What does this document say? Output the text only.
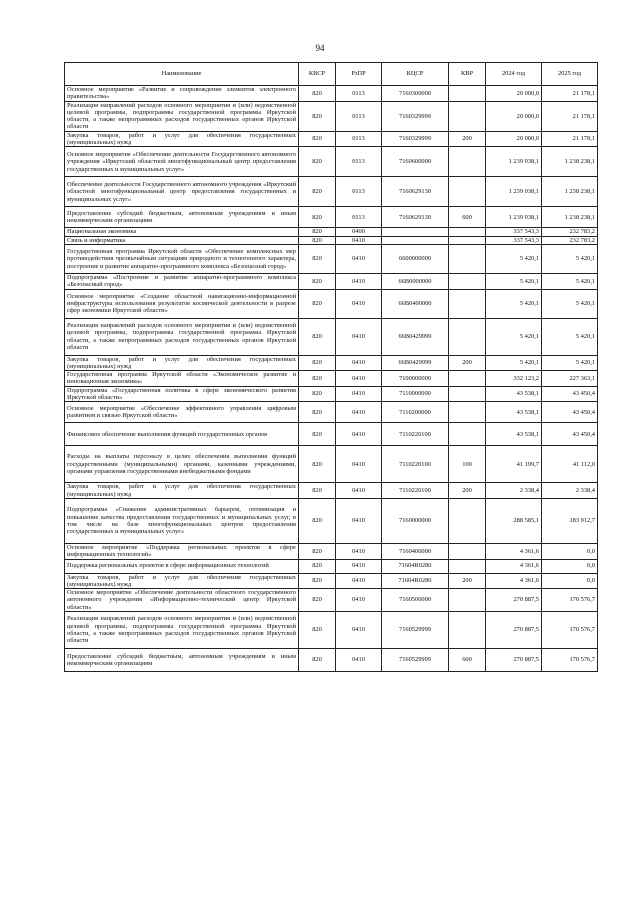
94
Наименование	КВСР	РзПР	КЦСР	КВР	2024 год	2025 год
Основное мероприятие «Развитие и сопровождение элементов электронного правительства»	820	0113	7160300000		20 000,0	21 178,1
Реализация направлений расходов основного мероприятия и (или) ведомственной целевой программы, подпрограммы государственной программы Иркутской области, а также непрограммных расходов государственных органов Иркутской области	820	0113	7160329999		20 000,0	21 178,1
Закупка товаров, работ и услуг для обеспечения государственных (муниципальных) нужд	820	0113	7160329999	200	20 000,0	21 178,1
Основное мероприятие «Обеспечение деятельности Государственного автономного учреждения «Иркутский областной многофункциональный центр предоставления государственных и муниципальных услуг»	820	0113	7160600000		1 239 038,1	1 238 238,1
Обеспечение деятельности Государственного автономного учреждения «Иркутский областной многофункциональный центр предоставления государственных и муниципальных услуг»	820	0113	7160629130		1 239 038,1	1 238 238,1
Предоставление субсидий бюджетным, автономным учреждениям и иным некоммерческим организациям	820	0113	7160629130	600	1 239 038,1	1 238 238,1
Национальная экономика	820	0400			337 543,3	232 783,2
Связь и информатика	820	0410			337 543,3	232 783,2
Государственная программа Иркутской области «Обеспечение комплексных мер противодействия чрезвычайным ситуациям природного и техногенного характера, построение и развитие аппаратно-программного комплекса «Безопасный город»	820	0410	6600000000		5 420,1	5 420,1
Подпрограмма «Построение и развитие аппаратно-программного комплекса «Безопасный город»	820	0410	66В0000000		5 420,1	5 420,1
Основное мероприятие «Создание областной навигационно-информационной инфраструктуры использования результатов космической деятельности в разрезе сфер экономики Иркутской области»	820	0410	66В0400000		5 420,1	5 420,1
Реализация направлений расходов основного мероприятия и (или) ведомственной целевой программы, подпрограммы государственной программы Иркутской области, а также непрограммных расходов государственных органов Иркутской области	820	0410	66В0429999		5 420,1	5 420,1
Закупка товаров, работ и услуг для обеспечения государственных (муниципальных) нужд	820	0410	66В0429999	200	5 420,1	5 420,1
Государственная программа Иркутской области «Экономическое развитие и инновационная экономика»	820	0410	7100000000		332 123,2	227 363,1
Подпрограмма «Государственная политика в сфере экономического развития Иркутской области»	820	0410	7110000000		43 538,1	43 450,4
Основное мероприятие «Обеспечение эффективного управления цифровым развитием и связью Иркутской области»	820	0410	7110200000		43 538,1	43 450,4
Финансовое обеспечение выполнения функций государственных органов	820	0410	7110220100		43 538,1	43 450,4
Расходы на выплаты персоналу в целях обеспечения выполнения функций государственными (муниципальными) органами, казенными учреждениями, органами управления государственными внебюджетными фондами	820	0410	7110220100	100	41 199,7	41 112,0
Закупка товаров, работ и услуг для обеспечения государственных (муниципальных) нужд	820	0410	7110220100	200	2 338,4	2 338,4
Подпрограмма «Снижение административных барьеров, оптимизация и повышение качества предоставления государственных и муниципальных услуг, в том числе на базе многофункциональных центров предоставления государственных и муниципальных услуг»	820	0410	7160000000		288 585,1	183 912,7
Основное мероприятие «Поддержка региональных проектов в сфере информационных технологий»	820	0410	7160400000		4 361,6	0,0
Поддержка региональных проектов в сфере информационных технологий	820	0410	71604R0280		4 361,6	0,0
Закупка товаров, работ и услуг для обеспечения государственных (муниципальных) нужд	820	0410	71604R0280	200	4 361,6	0,0
Основное мероприятие «Обеспечение деятельности областного государственного автономного учреждения «Информационно-технический центр Иркутской области»	820	0410	7160500000		270 887,5	170 576,7
Реализация направлений расходов основного мероприятия и (или) ведомственной целевой программы, подпрограммы государственной программы Иркутской области, а также непрограммных расходов государственных органов Иркутской области	820	0410	7160529999		270 887,5	170 576,7
Предоставление субсидий бюджетным, автономным учреждениям и иным некоммерческим организациям	820	0410	7160529999	600	270 887,5	170 576,7
